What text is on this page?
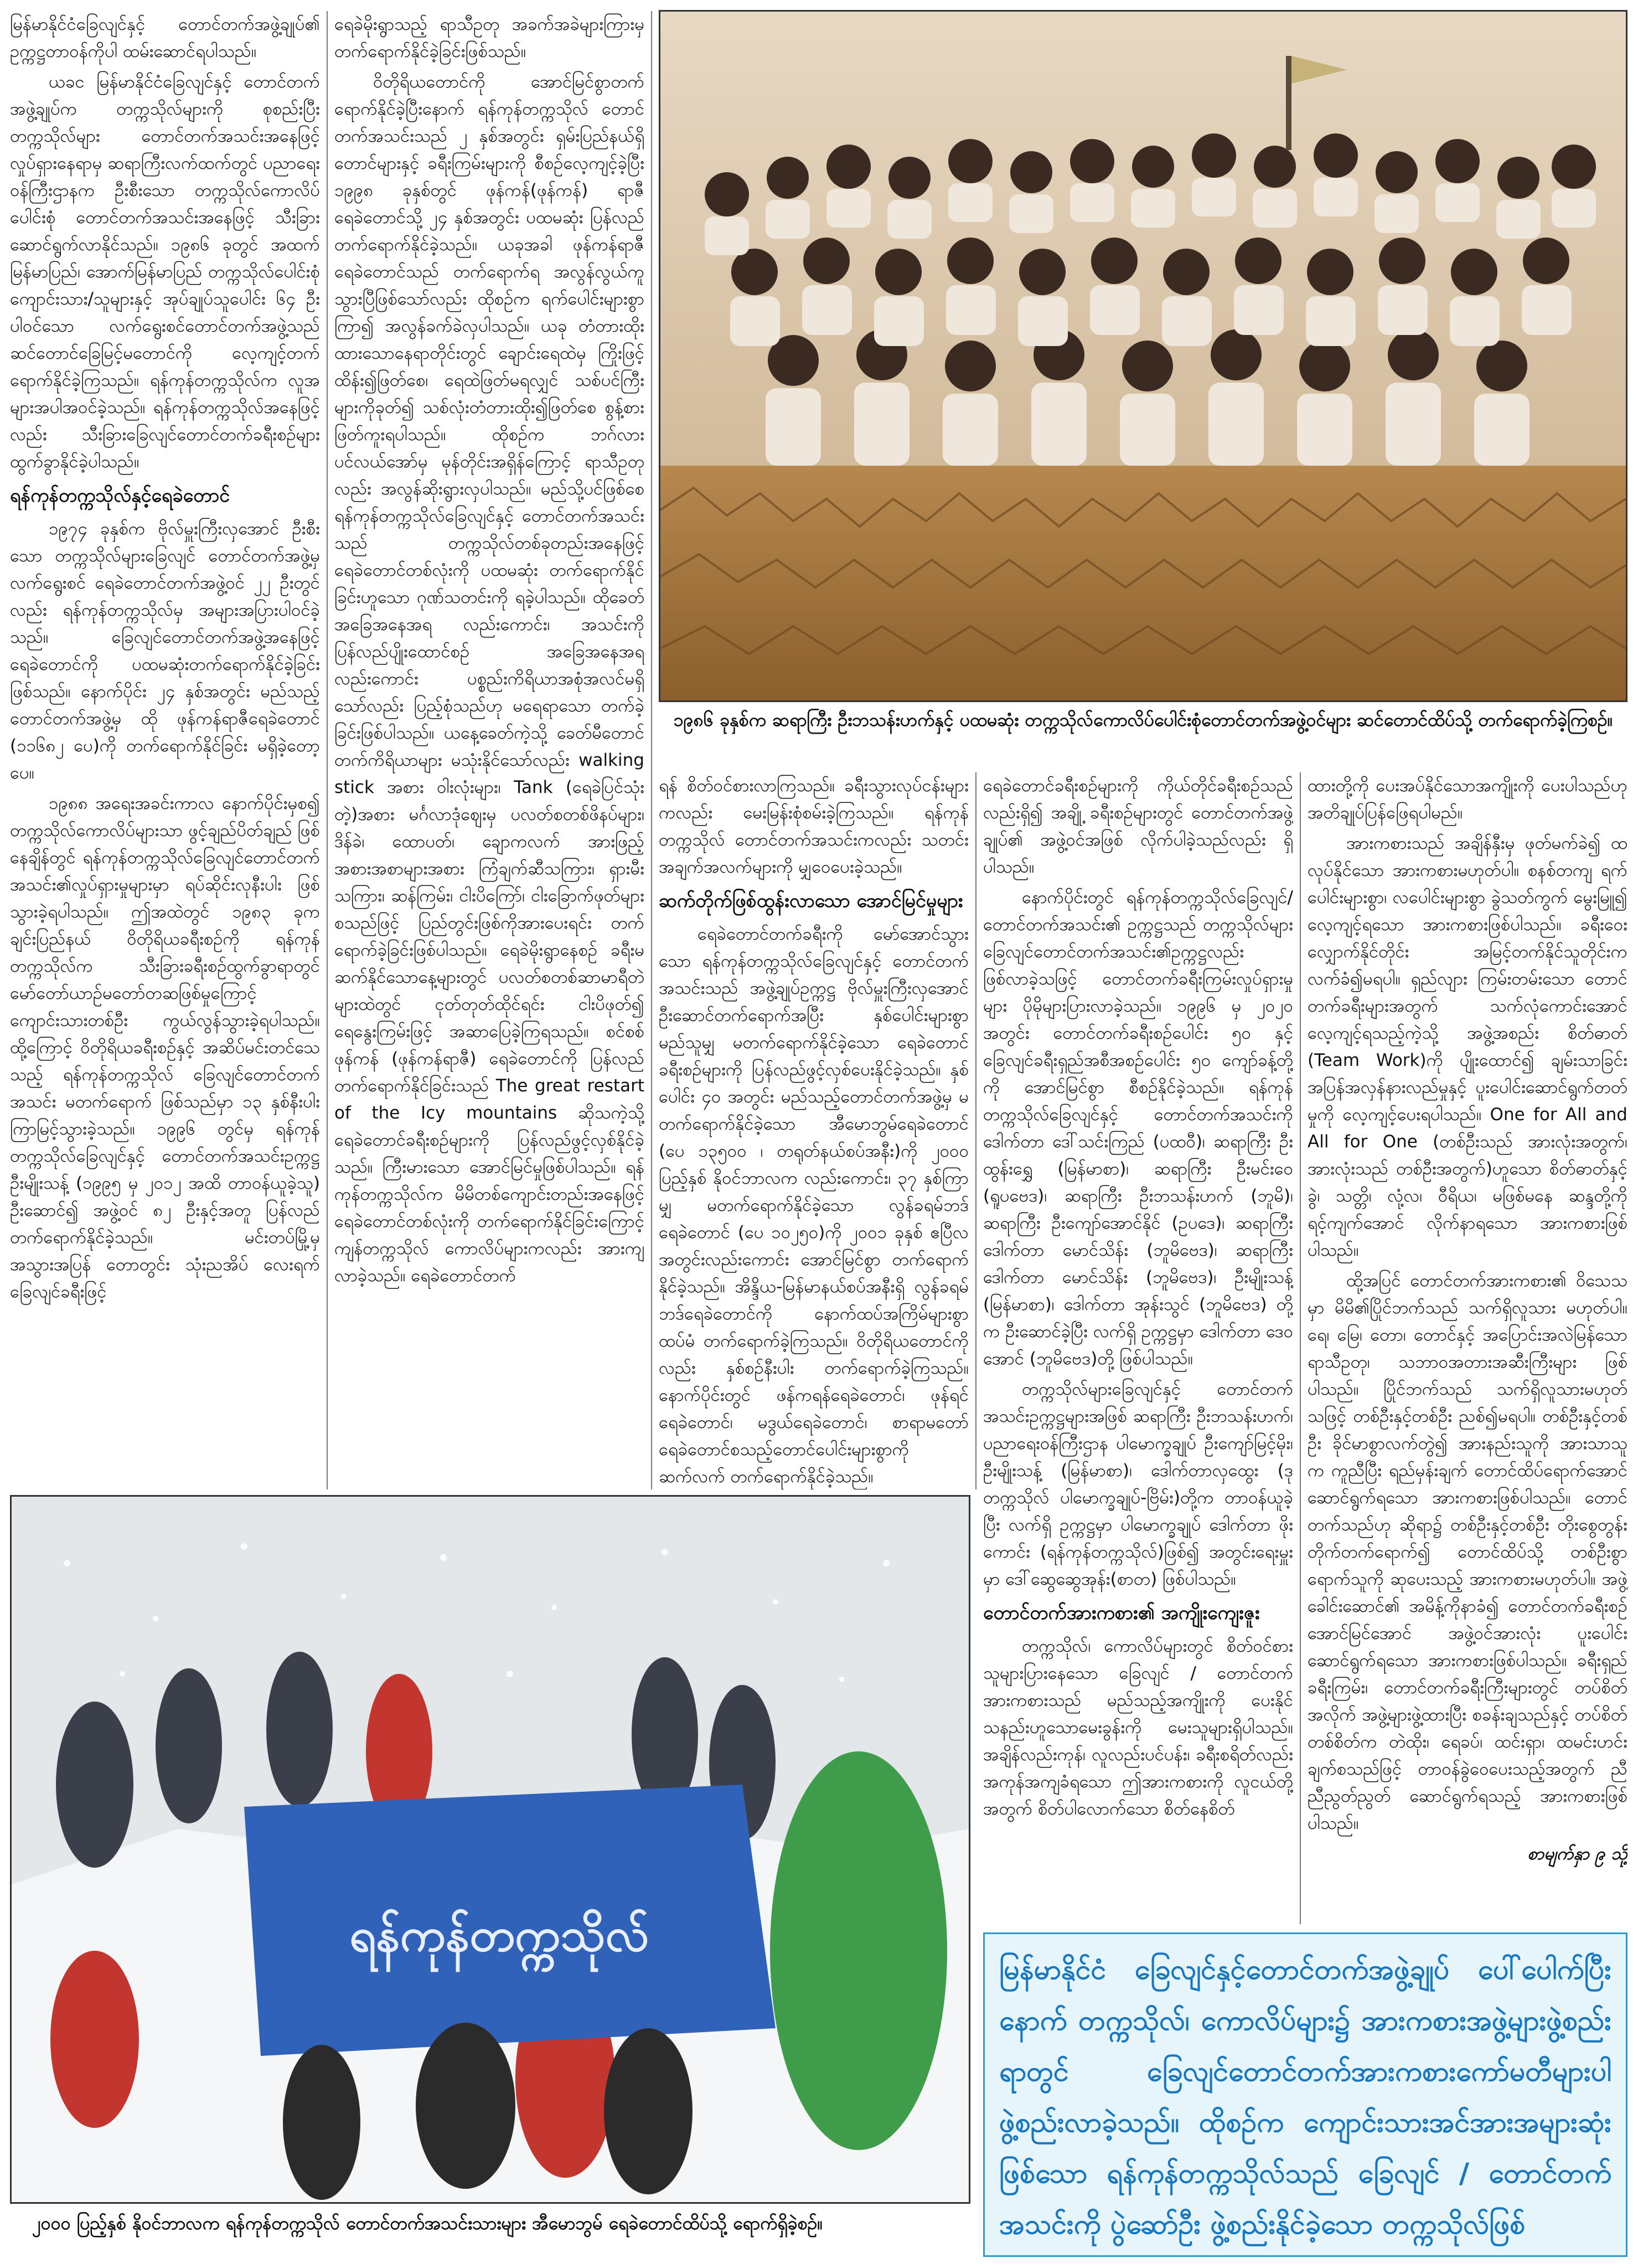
မြန်မာနိုင်ငံခြေလျင်နှင့် တောင်တက်အဖွဲ့ချုပ်၏ ဥက္ကဋ္ဌတာဝန်ကိုပါ ထမ်းဆောင်ရပါသည်။

ယခင မြန်မာနိုင်ငံခြေလျင်နှင့် တောင်တက်အဖွဲ့ချုပ်က တက္ကသိုလ်များကို စုစည်းပြီး တက္ကသိုလ်များ တောင်တက်အသင်းအနေဖြင့် လှုပ်ရှားနေရာမှ ဆရာကြီးလက်ထက်တွင် ပညာရေးဝန်ကြီးဌာနက ဦးစီးသော တက္ကသိုလ်ကောလိပ်ပေါင်းစုံ တောင်တက်အသင်းအနေဖြင့် သီးခြားဆောင်ရွက်လာနိုင်သည်။ ၁၉၈၆ ခုတွင် အထက်မြန်မာပြည်၊ အောက်မြန်မာပြည် တက္ကသိုလ်ပေါင်းစုံ ကျောင်းသား/သူများနှင့် အုပ်ချုပ်သူပေါင်း ၆၄ ဦးပါဝင်သော လက်ရွေးစင်တောင်တက်အဖွဲ့သည် ဆင်တောင်ခြေမြင့်မတောင်ကို လေ့ကျင့်တက်ရောက်နိုင်ခဲ့ကြသည်။ ရန်ကုန်တက္ကသိုလ်က လူအများအပါအဝင်ခဲ့သည်။ ရန်ကုန်တက္ကသိုလ်အနေဖြင့်လည်း သီးခြားခြေလျင်တောင်တက်ခရီးစဉ်များ ထွက်ခွာနိုင်ခဲ့ပါသည်။

ရန်ကုန်တက္ကသိုလ်နှင့်ရေခဲတောင်

၁၉၇၄ ခုနှစ်က ဗိုလ်မှူးကြီးလှအောင် ဦးစီးသော တက္ကသိုလ်များခြေလျင် တောင်တက်အဖွဲ့မှ လက်ရွေးစင် ရေခဲတောင်တက်အဖွဲ့ဝင် ၂၂ ဦးတွင်လည်း ရန်ကုန်တက္ကသိုလ်မှ အများအပြားပါဝင်ခဲ့သည်။ ခြေလျင်တောင်တက်အဖွဲ့အနေဖြင့် ရေခဲတောင်ကို ပထမဆုံးတက်ရောက်နိုင်ခဲ့ခြင်း ဖြစ်သည်။ နောက်ပိုင်း ၂၄ နှစ်အတွင်း မည်သည့်တောင်တက်အဖွဲ့မှ ထို ဖုန်ကန်ရာဇီရေခဲတောင် (၁၁၆၈၂ ပေ)ကို တက်ရောက်နိုင်ခြင်း မရှိခဲ့တော့ပေ။

၁၉၈၈ အရေးအခင်းကာလ နောက်ပိုင်းမှစ၍ တက္ကသိုလ်ကောလိပ်များသာ ဖွင့်ချည်ပိတ်ချည် ဖြစ်နေချိန်တွင် ရန်ကုန်တက္ကသိုလ်ခြေလျင်တောင်တက်အသင်း၏လှုပ်ရှားမှုများမှာ ရပ်ဆိုင်းလုနီးပါး ဖြစ်သွားခဲ့ရပါသည်။ ဤအထဲတွင် ၁၉၈၃ ခုက ချင်းပြည်နယ် ဝိတိုရိယခရီးစဉ်ကို ရန်ကုန်တက္ကသိုလ်က သီးခြားခရီးစဉ်ထွက်ခွာရာတွင် မော်တော်ယာဉ်မတော်တဆဖြစ်မှုကြောင့် ကျောင်းသားတစ်ဦး ကွယ်လွန်သွားခဲ့ရပါသည်။ ထို့ကြောင့် ဝိတိုရိယခရီးစဉ်နှင့် အဆိပ်မင်းတင်သေသည့် ရန်ကုန်တက္ကသိုလ် ခြေလျင်တောင်တက်အသင်း မတက်ရောက် ဖြစ်သည်မှာ ၁၃ နှစ်နီးပါး ကြာမြင့်သွားခဲ့သည်။ ၁၉၉၆ တွင်မှ ရန်ကုန်တက္ကသိုလ်ခြေလျင်နှင့် တောင်တက်အသင်းဥက္ကဋ္ဌ ဦးမျိုးသန့် (၁၉၉၅ မှ ၂၀၁၂ အထိ တာဝန်ယူခဲ့သူ) ဦးဆောင်၍ အဖွဲ့ဝင် ၈၂ ဦးနှင့်အတူ ပြန်လည် တက်ရောက်နိုင်ခဲ့သည်။ မင်းတပ်မြို့မှ အသွားအပြန် တောတွင်း သုံးညအိပ် လေးရက် ခြေလျင်ခရီးဖြင့်

ရေခဲမိုးရွာသည့် ရာသီဥတု အခက်အခဲများကြားမှ တက်ရောက်နိုင်ခဲ့ခြင်းဖြစ်သည်။

ဝိတိုရိယတောင်ကို အောင်မြင်စွာတက်ရောက်နိုင်ခဲ့ပြီးနောက် ရန်ကုန်တက္ကသိုလ် တောင်တက်အသင်းသည် ၂ နှစ်အတွင်း ရှမ်းပြည်နယ်ရှိ တောင်များနှင့် ခရီးကြမ်းများကို စီစဉ်လေ့ကျင့်ခဲ့ပြီး ၁၉၉၈ ခုနှစ်တွင် ဖုန်ကန်(ဖုန်ကန်) ရာဇီ ရေခဲတောင်သို့ ၂၄ နှစ်အတွင်း ပထမဆုံး ပြန်လည်တက်ရောက်နိုင်ခဲ့သည်။ ယခုအခါ ဖုန်ကန်ရာဇီ ရေခဲတောင်သည် တက်ရောက်ရ အလွန်လွယ်ကူသွားပြီဖြစ်သော်လည်း ထိုစဉ်က ရက်ပေါင်းများစွာကြာ၍ အလွန်ခက်ခဲလှပါသည်။ ယခု တံတားထိုးထားသောနေရာတိုင်းတွင် ချောင်းရေထဲမှ ကြိုးဖြင့်ထိန်း၍ဖြတ်စေ၊ ရေထဲဖြတ်မရလျှင် သစ်ပင်ကြီးများကိုခုတ်၍ သစ်လုံးတံတားထိုး၍ဖြတ်စေ စွန့်စားဖြတ်ကူးရပါသည်။ ထိုစဉ်က ဘဂ်လားပင်လယ်အော်မှ မုန်တိုင်းအရှိန်ကြောင့် ရာသီဥတုလည်း အလွန်ဆိုးရွားလှပါသည်။ မည်သို့ပင်ဖြစ်စေ ရန်ကုန်တက္ကသိုလ်ခြေလျင်နှင့် တောင်တက်အသင်းသည် တက္ကသိုလ်တစ်ခုတည်းအနေဖြင့် ရေခဲတောင်တစ်လုံးကို ပထမဆုံး တက်ရောက်နိုင်ခြင်းဟူသော ဂုဏ်သတင်းကို ရခဲ့ပါသည်။ ထိုခေတ် အခြေအနေအရ လည်းကောင်း၊ အသင်းကိုပြန်လည်ပျိုးထောင်စဉ် အခြေအနေအရလည်းကောင်း ပစ္စည်းကိရိယာအစုံအလင်မရှိသော်လည်း ပြည့်စုံသည်ဟု မရေရာသော တက်ခဲ့ခြင်းဖြစ်ပါသည်။ ယနေ့ခေတ်ကဲ့သို့ ခေတ်မီတောင်တက်ကိရိယာများ မသုံးနိုင်သော်လည်း walking stick အစား ဝါးလုံးများ၊ Tank (ရေခဲပြင်သုံးတဲ့)အစား မင်္ဂလာဒုံဈေးမှ ပလတ်စတစ်ဖိနပ်များ၊ ဒိန်ခဲ၊ ထောပတ်၊ ချောကလက် အားဖြည့်အစားအစာများအစား ကြံချက်ဆီသကြား၊ ရှားမီးသကြား၊ ဆန်ကြမ်း၊ ငါးပိကြော်၊ ငါးခြောက်ဖုတ်များ စသည်ဖြင့် ပြည်တွင်းဖြစ်ကိုအားပေးရင်း တက်ရောက်ခဲ့ခြင်းဖြစ်ပါသည်။ ရေခဲမိုးရွာနေစဉ် ခရီးမဆက်နိုင်သောနေ့များတွင် ပလတ်စတစ်ဆာမာရီတဲများထဲတွင် ငုတ်တုတ်ထိုင်ရင်း ငါးပိဖုတ်၍ ရေနွေးကြမ်းဖြင့် အဆာပြေခဲ့ကြရသည်။ စင်စစ် ဖုန်ကန် (ဖုန်ကန်ရာဇီ) ရေခဲတောင်ကို ပြန်လည်တက်ရောက်နိုင်ခြင်းသည် The great restart of the Icy mountains ဆိုသကဲ့သို့ ရေခဲတောင်ခရီးစဉ်များကို ပြန်လည်ဖွင့်လှစ်နိုင်ခဲ့သည်။ ကြီးမားသော အောင်မြင်မှုဖြစ်ပါသည်။ ရန်ကုန်တက္ကသိုလ်က မိမိတစ်ကျောင်းတည်းအနေဖြင့် ရေခဲတောင်တစ်လုံးကို တက်ရောက်နိုင်ခြင်းကြောင့် ကျန်တက္ကသိုလ် ကောလိပ်များကလည်း အားကျလာခဲ့သည်။ ရေခဲတောင်တက်

၁၉၈၆ ခုနှစ်က ဆရာကြီး ဦးဘသန်းဟက်နှင့် ပထမဆုံး တက္ကသိုလ်ကောလိပ်ပေါင်းစုံတောင်တက်အဖွဲ့ဝင်များ ဆင်တောင်ထိပ်သို့ တက်ရောက်ခဲ့ကြစဉ်။

ရန် စိတ်ဝင်စားလာကြသည်။ ခရီးသွားလုပ်ငန်းများကလည်း မေးမြန်းစုံစမ်းခဲ့ကြသည်။ ရန်ကုန်တက္ကသိုလ် တောင်တက်အသင်းကလည်း သတင်းအချက်အလက်များကို မျှဝေပေးခဲ့သည်။

ဆက်တိုက်ဖြစ်ထွန်းလာသော အောင်မြင်မှုများ

ရေခဲတောင်တက်ခရီးကို မော်အောင်သွားသော ရန်ကုန်တက္ကသိုလ်ခြေလျင်နှင့် တောင်တက်အသင်းသည် အဖွဲ့ချုပ်ဥက္ကဋ္ဌ ဗိုလ်မှူးကြီးလှအောင် ဦးဆောင်တက်ရောက်အပြီး နှစ်ပေါင်းများစွာ မည်သူမျှ မတက်ရောက်နိုင်ခဲ့သော ရေခဲတောင်ခရီးစဉ်များကို ပြန်လည်ဖွင့်လှစ်ပေးနိုင်ခဲ့သည်။ နှစ်ပေါင်း ၄၀ အတွင်း မည်သည့်တောင်တက်အဖွဲ့မှ မတက်ရောက်နိုင်ခဲ့သော အီမောဘွမ်ရေခဲတောင် (ပေ ၁၃၅၀၀ ၊ တရုတ်နယ်စပ်အနီး)ကို ၂၀၀၀ ပြည့်နှစ် နိုဝင်ဘာလက လည်းကောင်း၊ ၃၇ နှစ်ကြာမျှ မတက်ရောက်နိုင်ခဲ့သော လွန်ခရမ်ဘဒ်ရေခဲတောင် (ပေ ၁၀၂၅၀)ကို ၂၀၀၁ ခုနှစ် ဧပြီလအတွင်းလည်းကောင်း အောင်မြင်စွာ တက်ရောက်နိုင်ခဲ့သည်။ အိန္ဒိယ-မြန်မာနယ်စပ်အနီးရှိ လွန်ခရမ်ဘဒ်ရေခဲတောင်ကို နောက်ထပ်အကြိမ်များစွာ ထပ်မံ တက်ရောက်ခဲ့ကြသည်။ ဝိတိုရိယတောင်ကိုလည်း နှစ်စဉ်နီးပါး တက်ရောက်ခဲ့ကြသည်။ နောက်ပိုင်းတွင် ဖန်ကရန်ရေခဲတောင်၊ ဖုန်ရင်ရေခဲတောင်၊ မဒွယ်ရေခဲတောင်၊ စာရာမတော်ရေခဲတောင်စသည့်တောင်ပေါင်းများစွာကို ဆက်လက် တက်ရောက်နိုင်ခဲ့သည်။

ရေခဲတောင်ခရီးစဉ်များကို ကိုယ်တိုင်ခရီးစဉ်သည်လည်းရှိ၍ အချို့ ခရီးစဉ်များတွင် တောင်တက်အဖွဲ့ချုပ်၏ အဖွဲ့ဝင်အဖြစ် လိုက်ပါခဲ့သည်လည်း ရှိပါသည်။

နောက်ပိုင်းတွင် ရန်ကုန်တက္ကသိုလ်ခြေလျင်/တောင်တက်အသင်း၏ ဥက္ကဋ္ဌသည် တက္ကသိုလ်များခြေလျင်တောင်တက်အသင်း၏ဥက္ကဋ္ဌလည်း ဖြစ်လာခဲ့သဖြင့် တောင်တက်ခရီးကြမ်းလှုပ်ရှားမှုများ ပိုမိုများပြားလာခဲ့သည်။ ၁၉၉၆ မှ ၂၀၂၀ အတွင်း တောင်တက်ခရီးစဉ်ပေါင်း ၅၀ နှင့် ခြေလျင်ခရီးရှည်အစီအစဉ်ပေါင်း ၅၀ ကျော်ခန့်တို့ကို အောင်မြင်စွာ စီစဉ်နိုင်ခဲ့သည်။ ရန်ကုန်တက္ကသိုလ်ခြေလျင်နှင့် တောင်တက်အသင်းကို ဒေါက်တာ ဒေါ်သင်းကြည် (ပထဝီ)၊ ဆရာကြီး ဦးထွန်းရွှေ (မြန်မာစာ)၊ ဆရာကြီး ဦးမင်းဝေ (ရူပဗေဒ)၊ ဆရာကြီး ဦးဘသန်းဟက် (ဘူမိ)၊ ဆရာကြီး ဦးကျော်အောင်နိုင် (ဥပဒေ)၊ ဆရာကြီး ဒေါက်တာ မောင်သိန်း (ဘူမိဗေဒ)၊ ဆရာကြီး ဒေါက်တာ မောင်သိန်း (ဘူမိဗေဒ)၊ ဦးမျိုးသန့် (မြန်မာစာ)၊ ဒေါက်တာ အုန်းသွင် (ဘူမိဗေဒ) တို့က ဦးဆောင်ခဲ့ပြီး လက်ရှိ ဥက္ကဋ္ဌမှာ ဒေါက်တာ ဒေဝအောင် (ဘူမိဗေဒ)တို့ ဖြစ်ပါသည်။

တက္ကသိုလ်များခြေလျင်နှင့် တောင်တက်အသင်းဥက္ကဋ္ဌများအဖြစ် ဆရာကြီး ဦးဘသန်းဟက်၊ ပညာရေးဝန်ကြီးဌာန ပါမောက္ခချုပ် ဦးကျော်မြင့်မိုး၊ ဦးမျိုးသန့် (မြန်မာစာ)၊ ဒေါက်တာလှထွေး (ဒုတက္ကသိုလ် ပါမောက္ခချုပ်-ဗြိမ်း)တို့က တာဝန်ယူခဲ့ပြီး လက်ရှိ ဥက္ကဋ္ဌမှာ ပါမောက္ခချုပ် ဒေါက်တာ ဖိုးကောင်း (ရန်ကုန်တက္ကသိုလ်)ဖြစ်၍ အတွင်းရေးမှူးမှာ ဒေါ်ဆွေဆွေအုန်း(စာတ) ဖြစ်ပါသည်။

တောင်တက်အားကစား၏ အကျိုးကျေးဇူး

တက္ကသိုလ်၊ ကောလိပ်များတွင် စိတ်ဝင်စားသူများပြားနေသော ခြေလျင် / တောင်တက်အားကစားသည် မည်သည့်အကျိုးကို ပေးနိုင်သနည်းဟူသောမေးခွန်းကို မေးသူများရှိပါသည်။ အချိန်လည်းကုန်၊ လူလည်းပင်ပန်း၊ ခရီးစရိတ်လည်း အကုန်အကျခံရသော ဤအားကစားကို လူငယ်တို့အတွက် စိတ်ပါလောက်သော စိတ်နေစိတ်

ထားတို့ကို ပေးအပ်နိုင်သောအကျိုးကို ပေးပါသည်ဟု အတိချုပ်ပြန်ဖြေရပါမည်။

အားကစားသည် အချိန်နှီးမှ ဖုတ်မက်ခဲ၍ ထလုပ်နိုင်သော အားကစားမဟုတ်ပါ။ စနစ်တကျ ရက်ပေါင်းများစွာ၊ လပေါင်းများစွာ ခွဲသတ်ကွက် မွေးမြူ၍ လေ့ကျင့်ရသော အားကစားဖြစ်ပါသည်။ ခရီးဝေးလျှောက်နိုင်တိုင်း အမြင့်တက်နိုင်သူတိုင်းက လက်ခံ၍မရပါ။ ရှည်လျား ကြမ်းတမ်းသော တောင်တက်ခရီးများအတွက် သက်လုံကောင်းအောင် လေ့ကျင့်ရသည့်ကဲ့သို့ အဖွဲ့အစည်း စိတ်ဓာတ် (Team Work)ကို ပျိုးထောင်၍ ချမ်းသာခြင်း အပြန်အလှန်နားလည်မှုနှင့် ပူးပေါင်းဆောင်ရွက်တတ်မှုကို လေ့ကျင့်ပေးရပါသည်။ One for All and All for One (တစ်ဦးသည် အားလုံးအတွက်၊ အားလုံးသည် တစ်ဦးအတွက်)ဟူသော စိတ်ဓာတ်နှင့် ခွဲ၊ သတ္တိ၊ လုံ့လ၊ ဝီရိယ၊ မဖြစ်မနေ ဆန္ဒတို့ကို ရင့်ကျက်အောင် လိုက်နာရသော အားကစားဖြစ်ပါသည်။

ထို့အပြင် တောင်တက်အားကစား၏ ဝိသေသမှာ မိမိ၏ပြိုင်ဘက်သည် သက်ရှိလူသား မဟုတ်ပါ။ ရေ၊ မြေ၊ တော၊ တောင်နှင့် အပြောင်းအလဲမြန်သော ရာသီဥတု၊ သဘာဝအတားအဆီးကြီးများ ဖြစ်ပါသည်။ ပြိုင်ဘက်သည် သက်ရှိလူသားမဟုတ်သဖြင့် တစ်ဦးနှင့်တစ်ဦး ညစ်၍မရပါ။ တစ်ဦးနှင့်တစ်ဦး ခိုင်မာစွာလက်တွဲ၍ အားနည်းသူကို အားသာသူက ကူညီပြီး ရည်မှန်းချက် တောင်ထိပ်ရောက်အောင် ဆောင်ရွက်ရသော အားကစားဖြစ်ပါသည်။ တောင်တက်သည်ဟု ဆိုရာ၌ တစ်ဦးနှင့်တစ်ဦး တိုးစွေတွန်းတိုက်တက်ရောက်၍ တောင်ထိပ်သို့ တစ်ဦးစွာ ရောက်သူကို ဆုပေးသည့် အားကစားမဟုတ်ပါ။ အဖွဲ့ခေါင်းဆောင်၏ အမိန့်ကိုနာခံ၍ တောင်တက်ခရီးစဉ် အောင်မြင်အောင် အဖွဲ့ဝင်အားလုံး ပူးပေါင်းဆောင်ရွက်ရသော အားကစားဖြစ်ပါသည်။ ခရီးရှည်ခရီးကြမ်း၊ တောင်တက်ခရီးကြီးများတွင် တပ်စိတ်အလိုက် အဖွဲ့များဖွဲ့ထားပြီး စခန်းချသည်နှင့် တပ်စိတ်တစ်စိတ်က တဲထိုး၊ ရေခပ်၊ ထင်းရှာ၊ ထမင်းဟင်းချက်စသည်ဖြင့် တာဝန်ခွဲဝေပေးသည့်အတွက် ညီညီညွတ်ညွတ် ဆောင်ရွက်ရသည့် အားကစားဖြစ်ပါသည်။

စာမျက်နှာ ၉ သို့

ရန်ကုန်တက္ကသိုလ်
၂၀၀၀ ပြည့်နှစ် နိုဝင်ဘာလက ရန်ကုန်တက္ကသိုလ် တောင်တက်အသင်းသားများ အီမောဘွမ် ရေခဲတောင်ထိပ်သို့ ရောက်ရှိခဲ့စဉ်။
မြန်မာနိုင်ငံ ခြေလျင်နှင့်တောင်တက်အဖွဲ့ချုပ် ပေါ်ပေါက်ပြီးနောက် တက္ကသိုလ်၊ ကောလိပ်များ၌ အားကစားအဖွဲ့များဖွဲ့စည်းရာတွင် ခြေလျင်တောင်တက်အားကစားကော်မတီများပါ ဖွဲ့စည်းလာခဲ့သည်။ ထိုစဉ်က ကျောင်းသားအင်အားအများဆုံးဖြစ်သော ရန်ကုန်တက္ကသိုလ်သည် ခြေလျင် / တောင်တက်အသင်းကို ပွဲဆော်ဦး ဖွဲ့စည်းနိုင်ခဲ့သော တက္ကသိုလ်ဖြစ်
